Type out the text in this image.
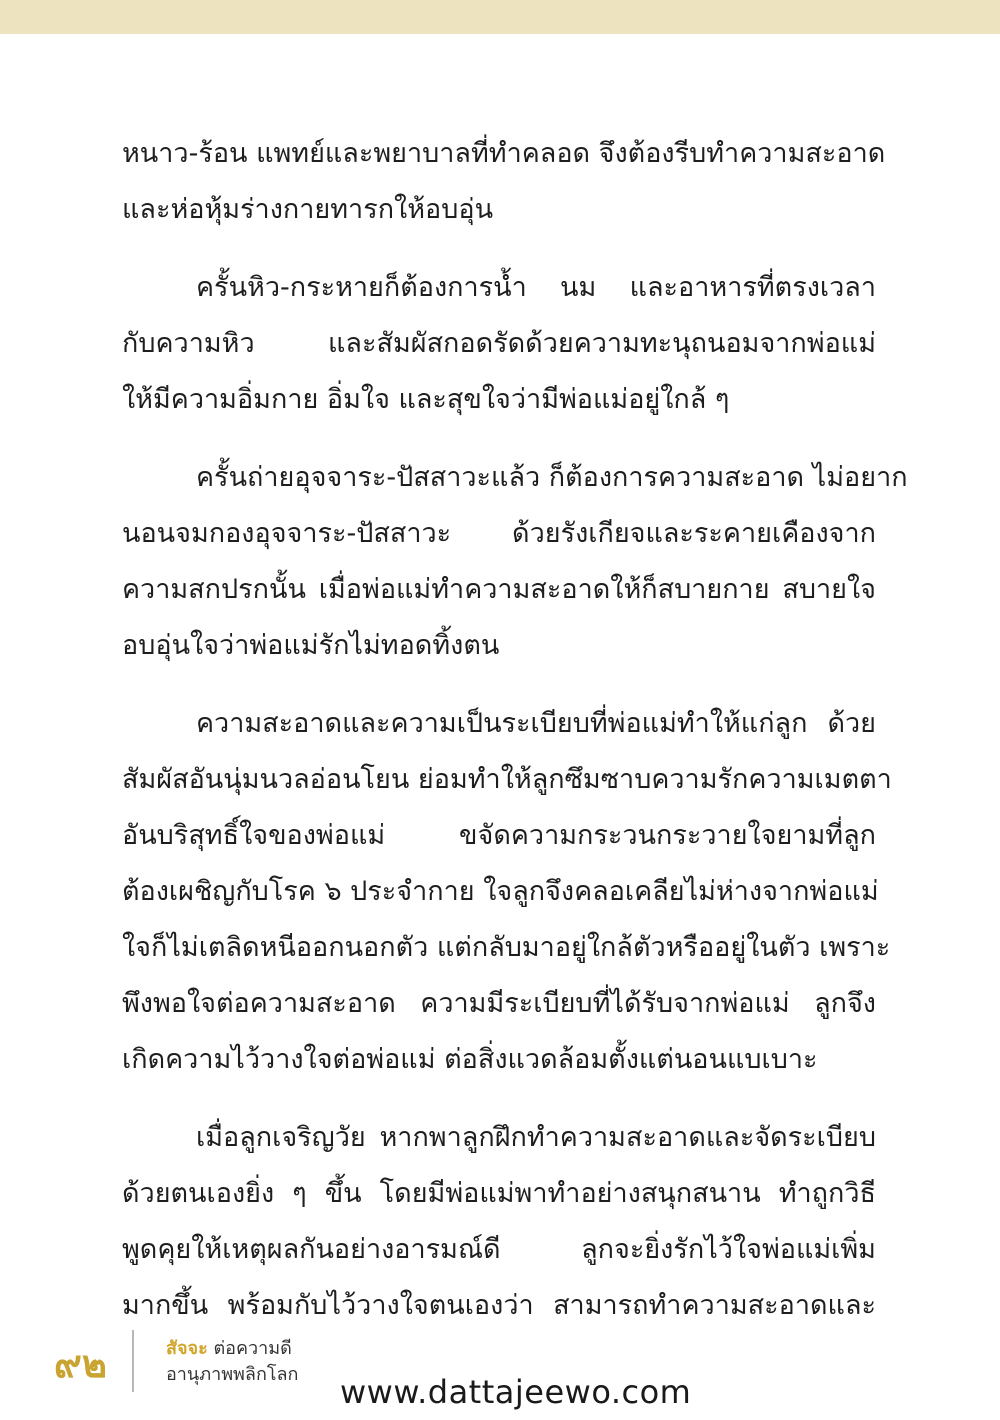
หนาว-ร้อน แพทย์และพยาบาลที่ทำคลอด จึงต้องรีบทำความสะอาด
และห่อหุ้มร่างกายทารกให้อบอุ่น
ครั้นหิว-กระหายก็ต้องการน้ำ นม และอาหารที่ตรงเวลา
กับความหิว และสัมผัสกอดรัดด้วยความทะนุถนอมจากพ่อแม่
ให้มีความอิ่มกาย อิ่มใจ และสุขใจว่ามีพ่อแม่อยู่ใกล้ ๆ
ครั้นถ่ายอุจจาระ-ปัสสาวะแล้ว ก็ต้องการความสะอาด ไม่อยาก
นอนจมกองอุจจาระ-ปัสสาวะ ด้วยรังเกียจและระคายเคืองจาก
ความสกปรกนั้น เมื่อพ่อแม่ทำความสะอาดให้ก็สบายกาย สบายใจ
อบอุ่นใจว่าพ่อแม่รักไม่ทอดทิ้งตน
ความสะอาดและความเป็นระเบียบที่พ่อแม่ทำให้แก่ลูก ด้วย
สัมผัสอันนุ่มนวลอ่อนโยน ย่อมทำให้ลูกซึมซาบความรักความเมตตา
อันบริสุทธิ์ใจของพ่อแม่ ขจัดความกระวนกระวายใจยามที่ลูก
ต้องเผชิญกับโรค ๖ ประจำกาย ใจลูกจึงคลอเคลียไม่ห่างจากพ่อแม่
ใจก็ไม่เตลิดหนีออกนอกตัว แต่กลับมาอยู่ใกล้ตัวหรืออยู่ในตัว เพราะ
พึงพอใจต่อความสะอาด ความมีระเบียบที่ได้รับจากพ่อแม่ ลูกจึง
เกิดความไว้วางใจต่อพ่อแม่ ต่อสิ่งแวดล้อมตั้งแต่นอนแบเบาะ
เมื่อลูกเจริญวัย หากพาลูกฝึกทำความสะอาดและจัดระเบียบ
ด้วยตนเองยิ่ง ๆ ขึ้น โดยมีพ่อแม่พาทำอย่างสนุกสนาน ทำถูกวิธี
พูดคุยให้เหตุผลกันอย่างอารมณ์ดี ลูกจะยิ่งรักไว้ใจพ่อแม่เพิ่ม
มากขึ้น พร้อมกับไว้วางใจตนเองว่า สามารถทำความสะอาดและ
๙๒	สัจจะ ต่อความดี
อานุภาพพลิกโลก www.dattajeewo.com
